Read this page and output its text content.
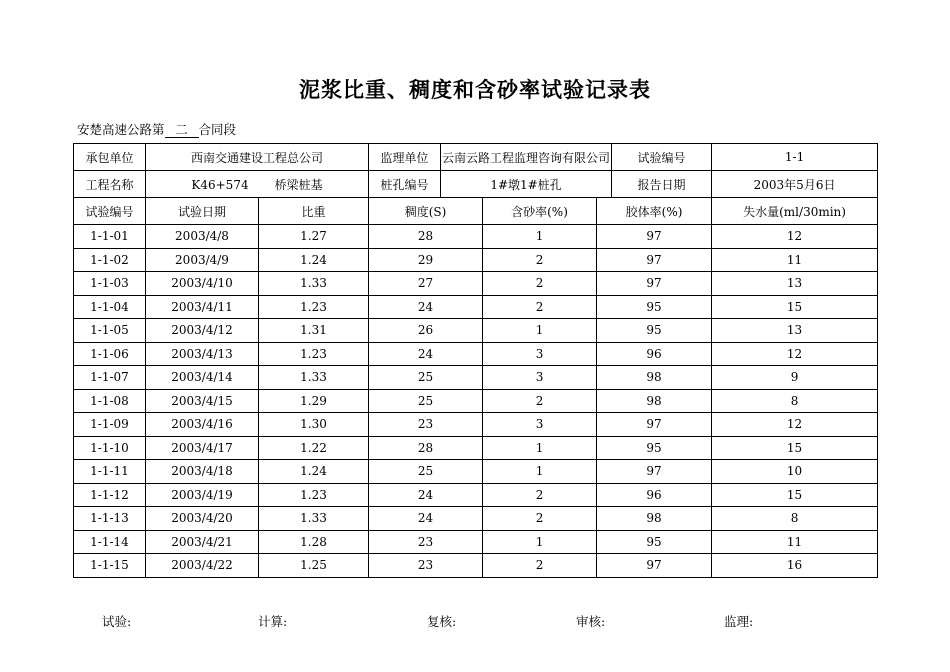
泥浆比重、稠度和含砂率试验记录表
安楚高速公路第 二 合同段
承包单位	西南交通建设工程总公司		监理单位	云南云路工程监理咨询有限公司			试验编号	1-1
工程名称	K46+574 桥梁桩基		桩孔编号	1#墩1#桩孔			报告日期	2003年5月6日
试验编号	试验日期	比重	稠度(S)		含砂率(%)	胶体率(%)		失水量(ml/30min)
1-1-01	2003/4/8	1.27	28		1	97		12
1-1-02	2003/4/9	1.24	29		2	97		11
1-1-03	2003/4/10	1.33	27		2	97		13
1-1-04	2003/4/11	1.23	24		2	95		15
1-1-05	2003/4/12	1.31	26		1	95		13
1-1-06	2003/4/13	1.23	24		3	96		12
1-1-07	2003/4/14	1.33	25		3	98		9
1-1-08	2003/4/15	1.29	25		2	98		8
1-1-09	2003/4/16	1.30	23		3	97		12
1-1-10	2003/4/17	1.22	28		1	95		15
1-1-11	2003/4/18	1.24	25		1	97		10
1-1-12	2003/4/19	1.23	24		2	96		15
1-1-13	2003/4/20	1.33	24		2	98		8
1-1-14	2003/4/21	1.28	23		1	95		11
1-1-15	2003/4/22	1.25	23		2	97		16
试验:	计算:	复核:	审核:	监理:
